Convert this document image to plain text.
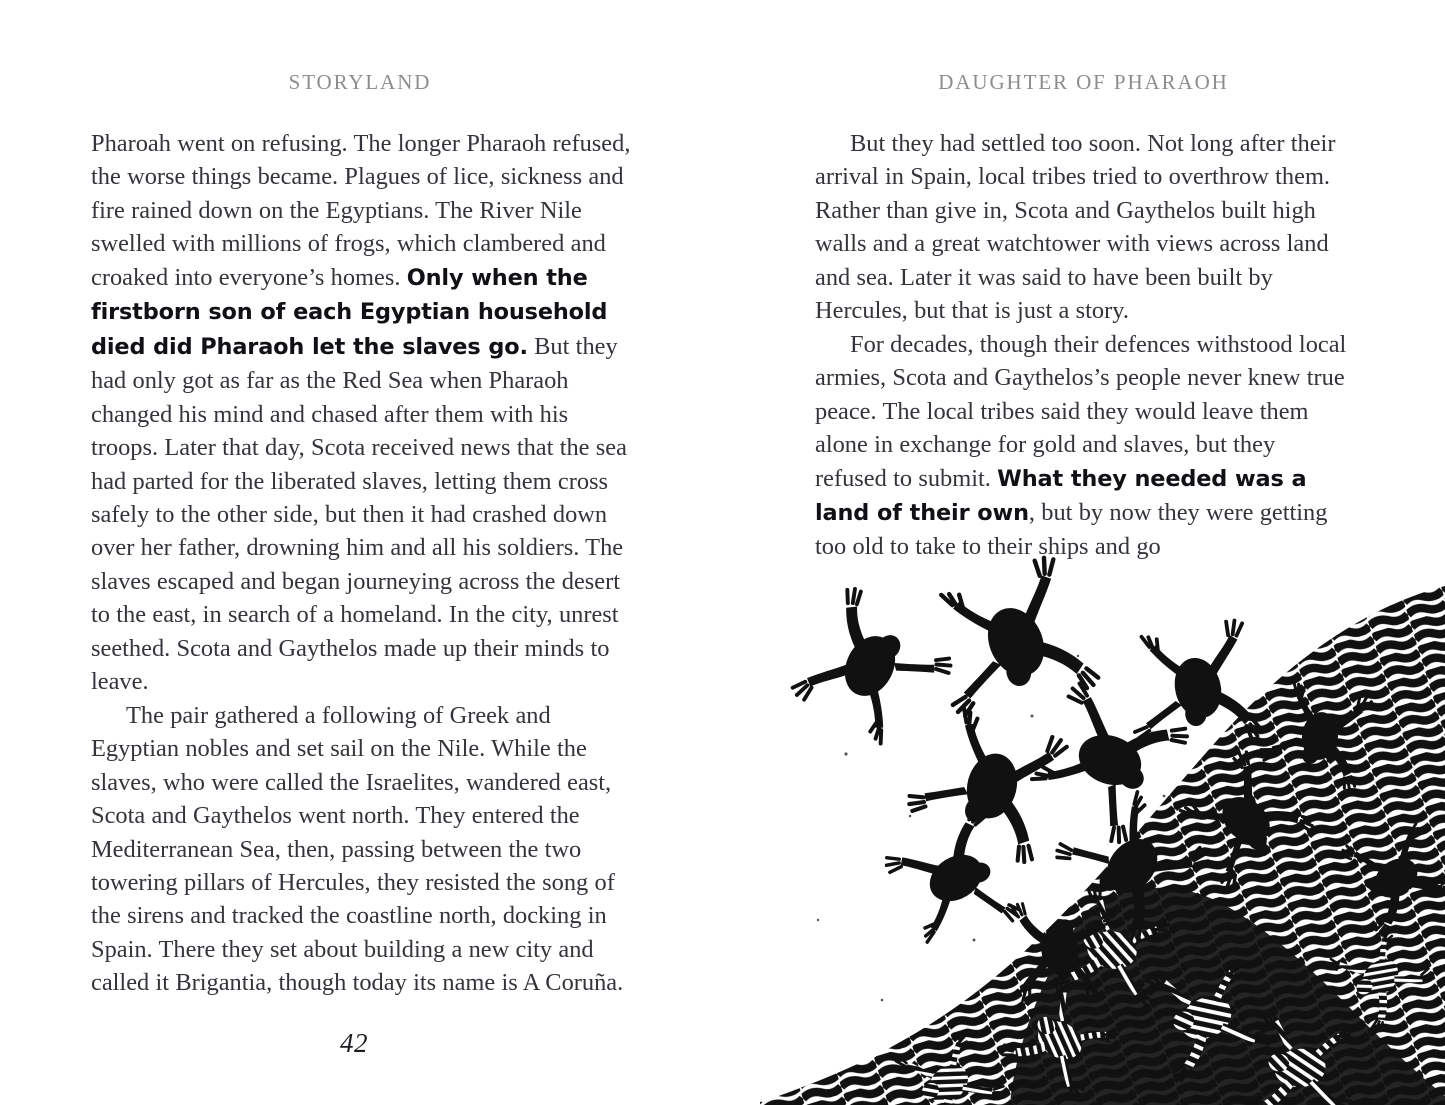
STORYLAND

Pharoah went on refusing. The longer Pharaoh refused, the worse things became. Plagues of lice, sickness and fire rained down on the Egyptians. The River Nile swelled with millions of frogs, which clambered and croaked into everyone’s homes. Only when the firstborn son of each Egyptian household died did Pharaoh let the slaves go. But they had only got as far as the Red Sea when Pharaoh changed his mind and chased after them with his troops. Later that day, Scota received news that the sea had parted for the liberated slaves, letting them cross safely to the other side, but then it had crashed down over her father, drowning him and all his soldiers. The slaves escaped and began journeying across the desert to the east, in search of a homeland. In the city, unrest seethed. Scota and Gaythelos made up their minds to leave.

The pair gathered a following of Greek and Egyptian nobles and set sail on the Nile. While the slaves, who were called the Israelites, wandered east, Scota and Gaythelos went north. They entered the Mediterranean Sea, then, passing between the two towering pillars of Hercules, they resisted the song of the sirens and tracked the coastline north, docking in Spain. There they set about building a new city and called it Brigantia, though today its name is A Coruña.

42
DAUGHTER OF PHARAOH

But they had settled too soon. Not long after their arrival in Spain, local tribes tried to overthrow them. Rather than give in, Scota and Gaythelos built high walls and a great watchtower with views across land and sea. Later it was said to have been built by Hercules, but that is just a story.

For decades, though their defences withstood local armies, Scota and Gaythelos’s people never knew true peace. The local tribes said they would leave them alone in exchange for gold and slaves, but they refused to submit. What they needed was a land of their own, but by now they were getting too old to take to their ships and go
